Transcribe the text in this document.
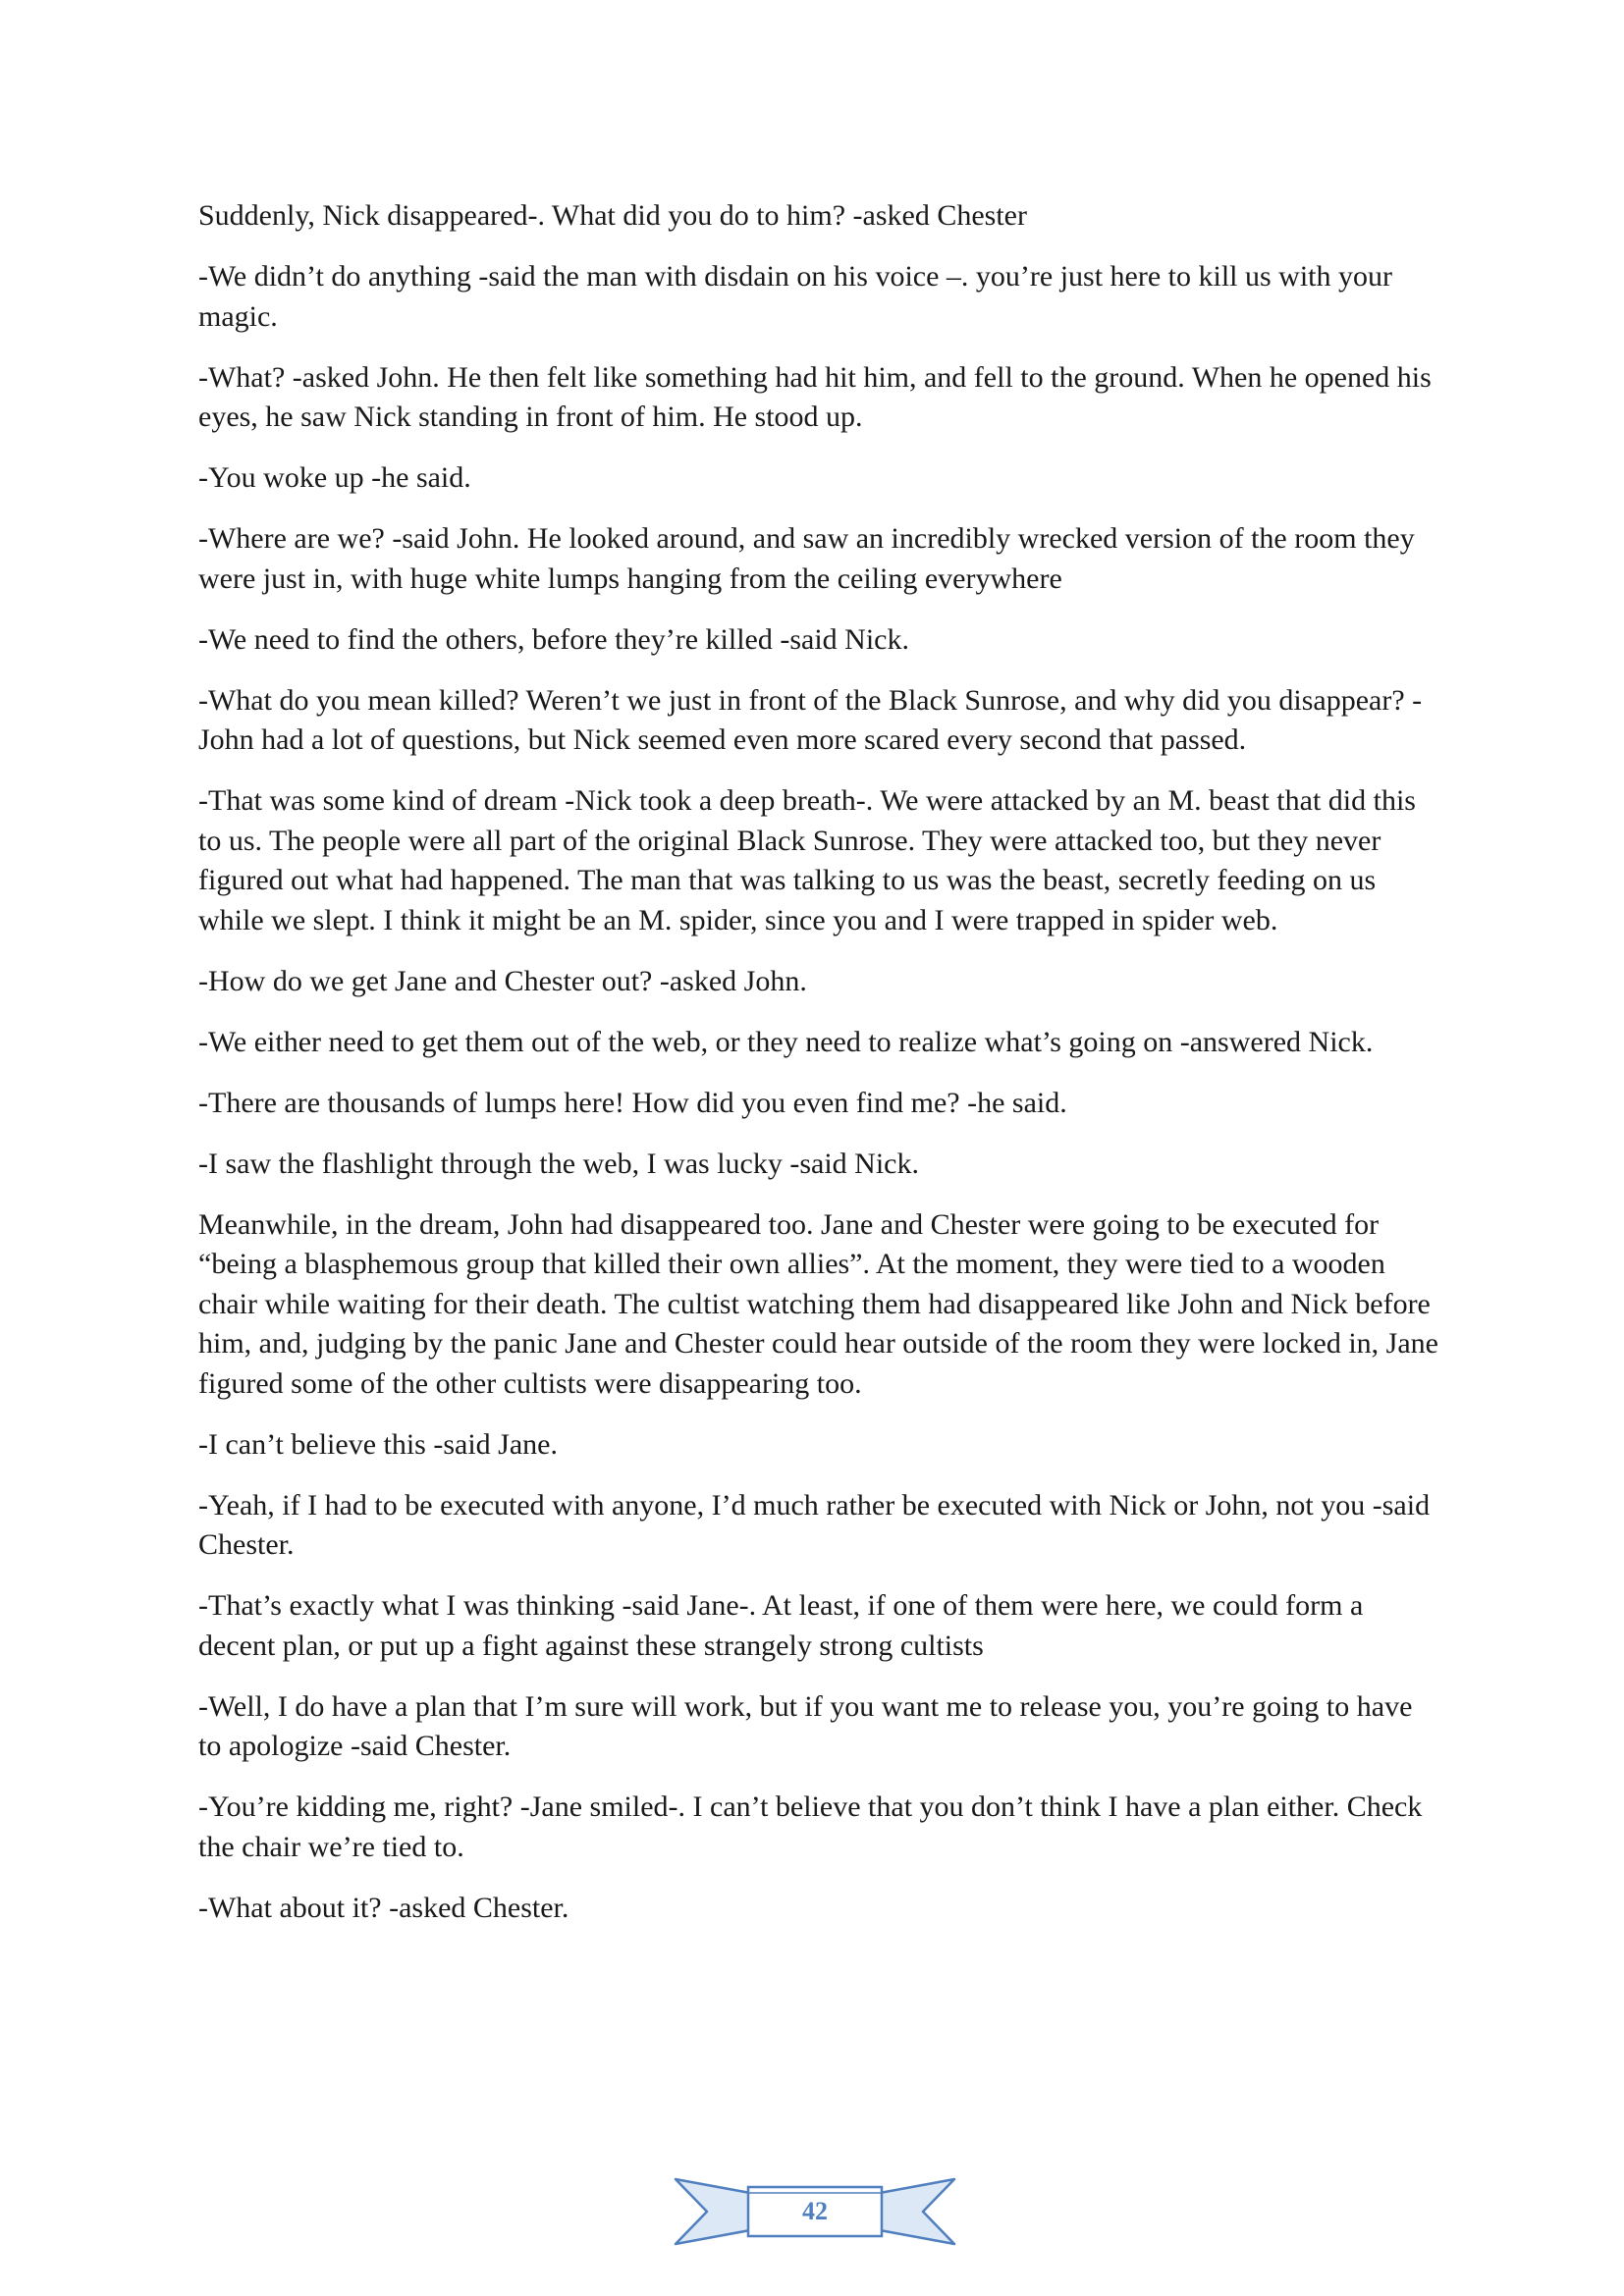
Suddenly, Nick disappeared-. What did you do to him? -asked Chester

-We didn’t do anything -said the man with disdain on his voice –. you’re just here to kill us with your magic.

-What? -asked John. He then felt like something had hit him, and fell to the ground. When he opened his eyes, he saw Nick standing in front of him. He stood up.

-You woke up -he said.

-Where are we? -said John. He looked around, and saw an incredibly wrecked version of the room they were just in, with huge white lumps hanging from the ceiling everywhere

-We need to find the others, before they’re killed -said Nick.

-What do you mean killed? Weren’t we just in front of the Black Sunrose, and why did you disappear? -John had a lot of questions, but Nick seemed even more scared every second that passed.

-That was some kind of dream -Nick took a deep breath-. We were attacked by an M. beast that did this to us. The people were all part of the original Black Sunrose. They were attacked too, but they never figured out what had happened. The man that was talking to us was the beast, secretly feeding on us while we slept. I think it might be an M. spider, since you and I were trapped in spider web.

-How do we get Jane and Chester out? -asked John.

-We either need to get them out of the web, or they need to realize what’s going on -answered Nick.

-There are thousands of lumps here! How did you even find me? -he said.

-I saw the flashlight through the web, I was lucky -said Nick.

Meanwhile, in the dream, John had disappeared too. Jane and Chester were going to be executed for “being a blasphemous group that killed their own allies”. At the moment, they were tied to a wooden chair while waiting for their death. The cultist watching them had disappeared like John and Nick before him, and, judging by the panic Jane and Chester could hear outside of the room they were locked in, Jane figured some of the other cultists were disappearing too.

-I can’t believe this -said Jane.

-Yeah, if I had to be executed with anyone, I’d much rather be executed with Nick or John, not you -said Chester.

-That’s exactly what I was thinking -said Jane-. At least, if one of them were here, we could form a decent plan, or put up a fight against these strangely strong cultists

-Well, I do have a plan that I’m sure will work, but if you want me to release you, you’re going to have to apologize -said Chester.

-You’re kidding me, right? -Jane smiled-. I can’t believe that you don’t think I have a plan either. Check the chair we’re tied to.

-What about it? -asked Chester.

42
